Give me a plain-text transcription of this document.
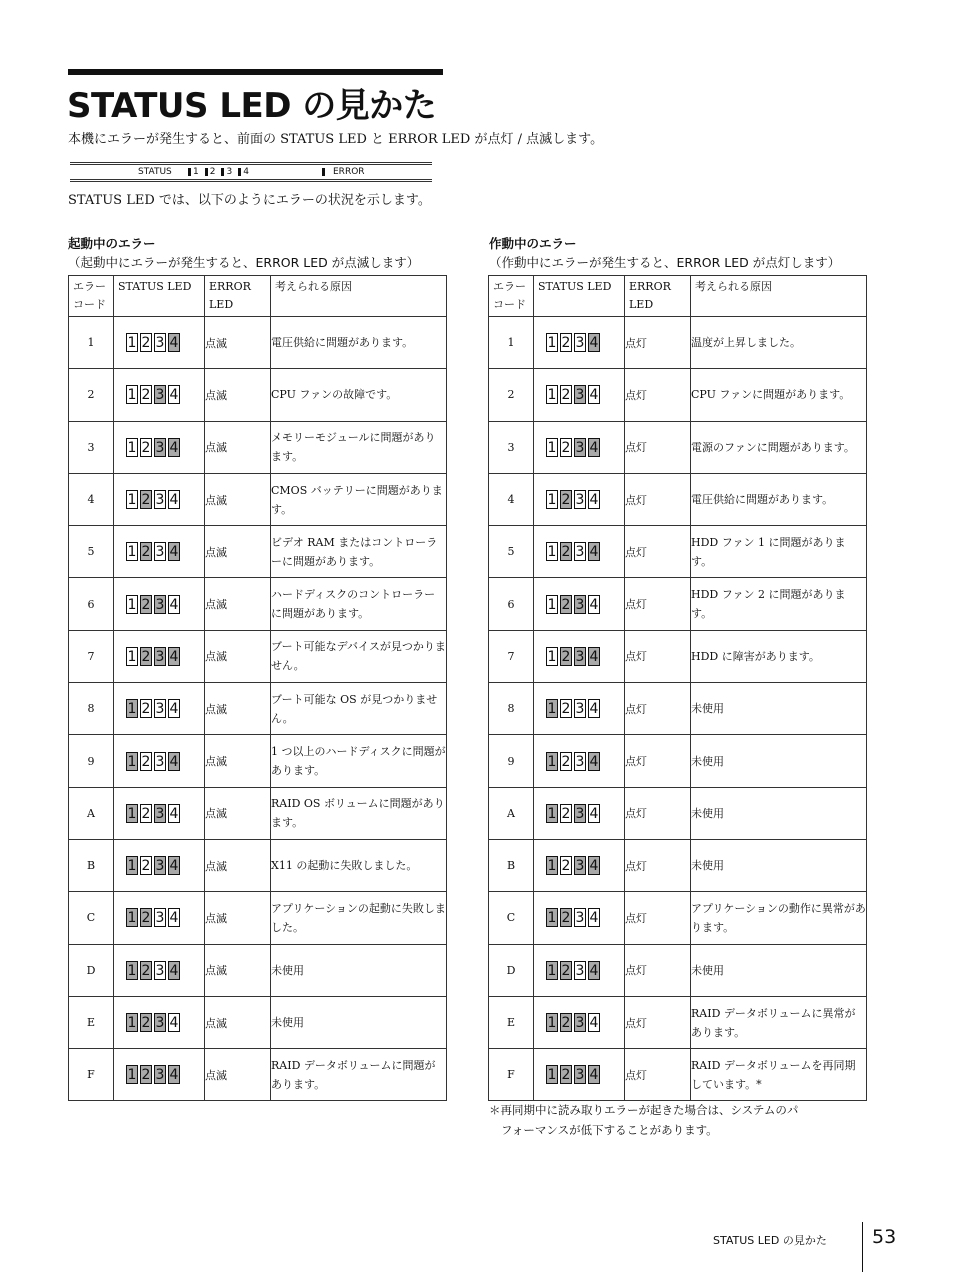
STATUS LED の見かた
本機にエラーが発生すると、前面の STATUS LED と ERROR LED が点灯 / 点滅します。
STATUS 1 2 3 4	ERROR
STATUS LED では、以下のようにエラーの状況を示します。
起動中のエラー
（起動中にエラーが発生すると、ERROR LED が点滅します）
エラー
コード	STATUS LED	ERROR
LED	考えられる原因
1	1 2 3 4	点滅	電圧供給に問題があります。
2	1 2 3 4	点滅	CPU ファンの故障です。
3	1 2 3 4	点滅	メモリーモジュールに問題があります。
4	1 2 3 4	点滅	CMOS バッテリーに問題があります。
5	1 2 3 4	点滅	ビデオ RAM またはコントローラーに問題があります。
6	1 2 3 4	点滅	ハードディスクのコントローラーに問題があります。
7	1 2 3 4	点滅	ブート可能なデバイスが見つかりません。
8	1 2 3 4	点滅	ブート可能な OS が見つかりません。
9	1 2 3 4	点滅	1 つ以上のハードディスクに問題があります。
A	1 2 3 4	点滅	RAID OS ボリュームに問題があります。
B	1 2 3 4	点滅	X11 の起動に失敗しました。
C	1 2 3 4	点滅	アプリケーションの起動に失敗しました。
D	1 2 3 4	点滅	未使用
E	1 2 3 4	点滅	未使用
F	1 2 3 4	点滅	RAID データボリュームに問題があります。
作動中のエラー
（作動中にエラーが発生すると、ERROR LED が点灯します）
エラー
コード	STATUS LED	ERROR
LED	考えられる原因
1	1 2 3 4	点灯	温度が上昇しました。
2	1 2 3 4	点灯	CPU ファンに問題があります。
3	1 2 3 4	点灯	電源のファンに問題があります。
4	1 2 3 4	点灯	電圧供給に問題があります。
5	1 2 3 4	点灯	HDD ファン 1 に問題があります。
6	1 2 3 4	点灯	HDD ファン 2 に問題があります。
7	1 2 3 4	点灯	HDD に障害があります。
8	1 2 3 4	点灯	未使用
9	1 2 3 4	点灯	未使用
A	1 2 3 4	点灯	未使用
B	1 2 3 4	点灯	未使用
C	1 2 3 4	点灯	アプリケーションの動作に異常があります。
D	1 2 3 4	点灯	未使用
E	1 2 3 4	点灯	RAID データボリュームに異常があります。
F	1 2 3 4	点灯	RAID データボリュームを再同期しています。*
＊再同期中に読み取りエラーが起きた場合は、システムのパ
フォーマンスが低下することがあります。
STATUS LED の見かた 53
